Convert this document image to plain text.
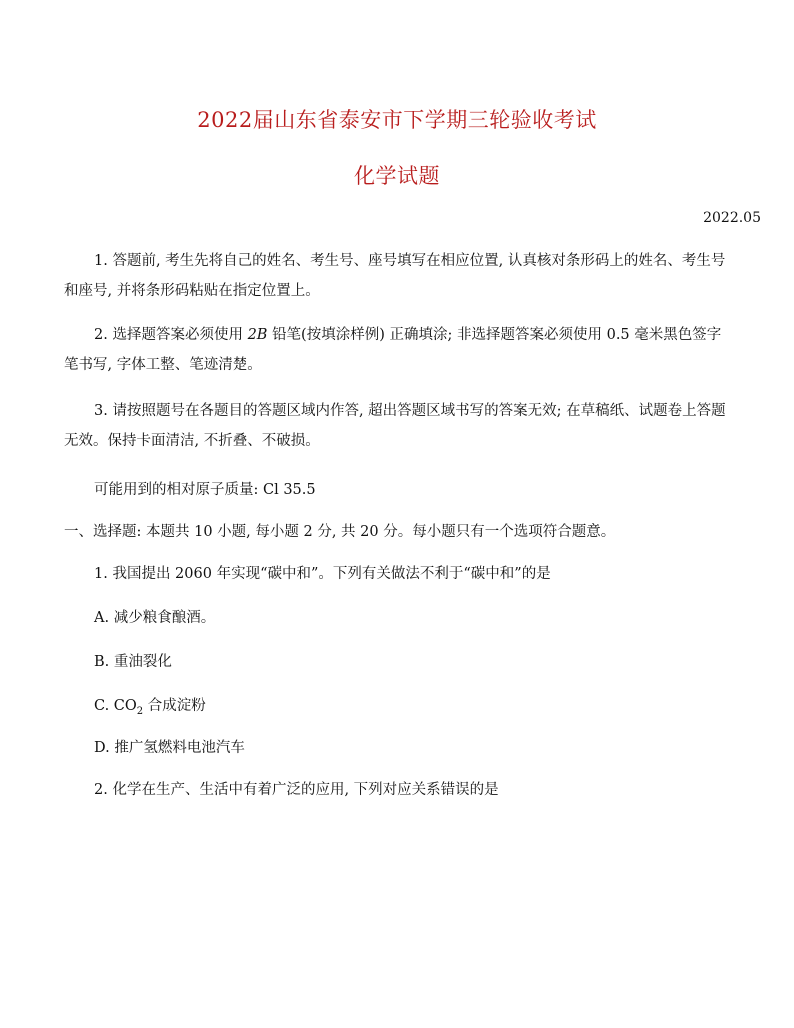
2022届山东省泰安市下学期三轮验收考试
化学试题
2022.05
1. 答题前, 考生先将自己的姓名、考生号、座号填写在相应位置, 认真核对条形码上的姓名、考生号和座号, 并将条形码粘贴在指定位置上。
2. 选择题答案必须使用 2B 铅笔(按填涂样例) 正确填涂; 非选择题答案必须使用 0.5 毫米黑色签字笔书写, 字体工整、笔迹清楚。
3. 请按照题号在各题目的答题区域内作答, 超出答题区域书写的答案无效; 在草稿纸、试题卷上答题无效。保持卡面清洁, 不折叠、不破损。
可能用到的相对原子质量: Cl 35.5
一、选择题: 本题共 10 小题, 每小题 2 分, 共 20 分。每小题只有一个选项符合题意。
1. 我国提出 2060 年实现“碳中和”。下列有关做法不利于“碳中和”的是
A. 减少粮食酿酒。
B. 重油裂化
C. $CO_2$ 合成淀粉
D. 推广氢燃料电池汽车
2. 化学在生产、生活中有着广泛的应用, 下列对应关系错误的是
